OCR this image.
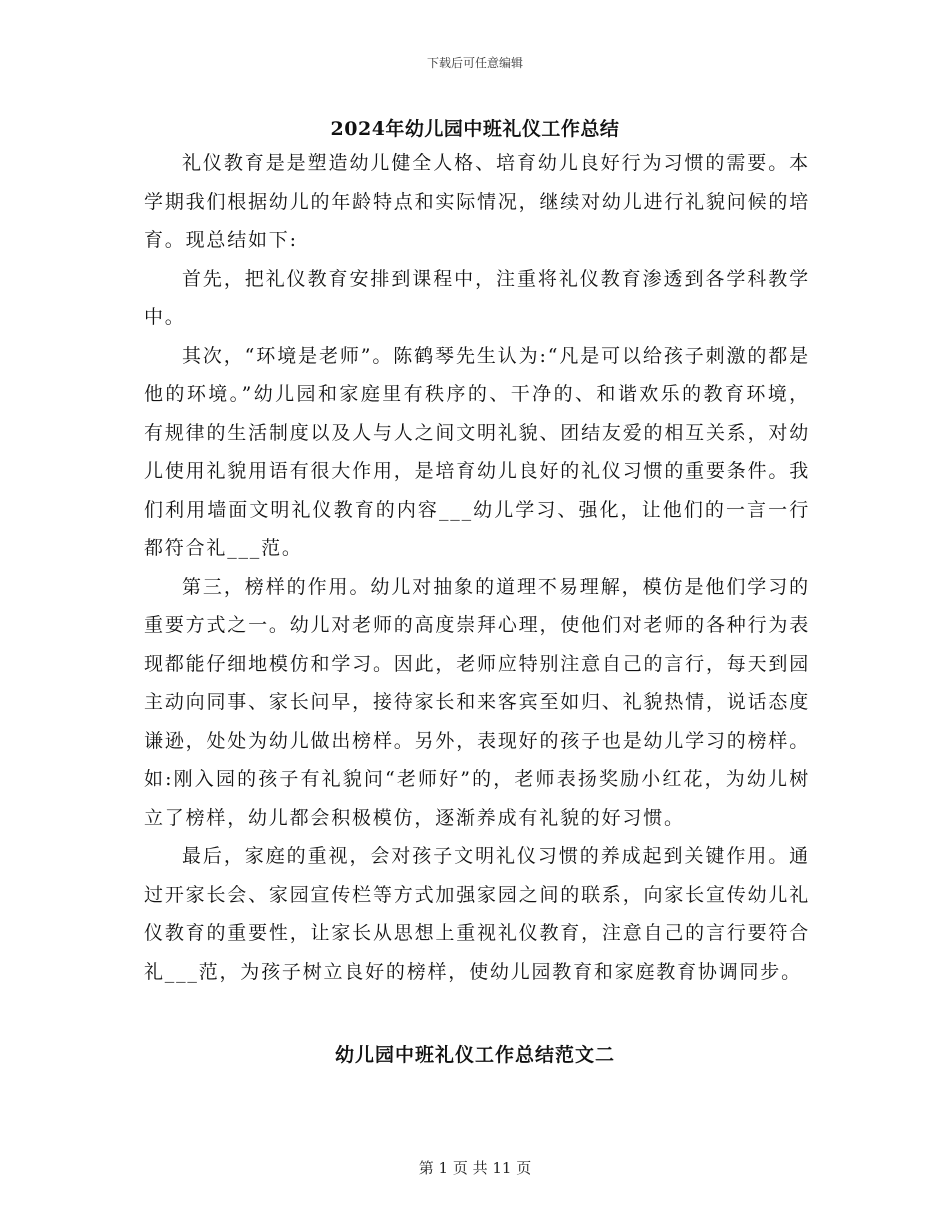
下载后可任意编辑
2024年幼儿园中班礼仪工作总结

礼仪教育是是塑造幼儿健全人格、培育幼儿良好行为习惯的需要。本学期我们根据幼儿的年龄特点和实际情况，继续对幼儿进行礼貌问候的培育。现总结如下:

首先，把礼仪教育安排到课程中，注重将礼仪教育渗透到各学科教学中。

其次，“环境是老师”。陈鹤琴先生认为:“凡是可以给孩子刺激的都是他的环境。”幼儿园和家庭里有秩序的、干净的、和谐欢乐的教育环境，有规律的生活制度以及人与人之间文明礼貌、团结友爱的相互关系，对幼儿使用礼貌用语有很大作用，是培育幼儿良好的礼仪习惯的重要条件。我们利用墙面文明礼仪教育的内容___幼儿学习、强化，让他们的一言一行都符合礼___范。

第三，榜样的作用。幼儿对抽象的道理不易理解，模仿是他们学习的重要方式之一。幼儿对老师的高度崇拜心理，使他们对老师的各种行为表现都能仔细地模仿和学习。因此，老师应特别注意自己的言行，每天到园主动向同事、家长问早，接待家长和来客宾至如归、礼貌热情，说话态度谦逊，处处为幼儿做出榜样。另外，表现好的孩子也是幼儿学习的榜样。如:刚入园的孩子有礼貌问“老师好”的，老师表扬奖励小红花，为幼儿树立了榜样，幼儿都会积极模仿，逐渐养成有礼貌的好习惯。

最后，家庭的重视，会对孩子文明礼仪习惯的养成起到关键作用。通过开家长会、家园宣传栏等方式加强家园之间的联系，向家长宣传幼儿礼仪教育的重要性，让家长从思想上重视礼仪教育，注意自己的言行要符合礼___范，为孩子树立良好的榜样，使幼儿园教育和家庭教育协调同步。

幼儿园中班礼仪工作总结范文二
第 1 页 共 11 页
